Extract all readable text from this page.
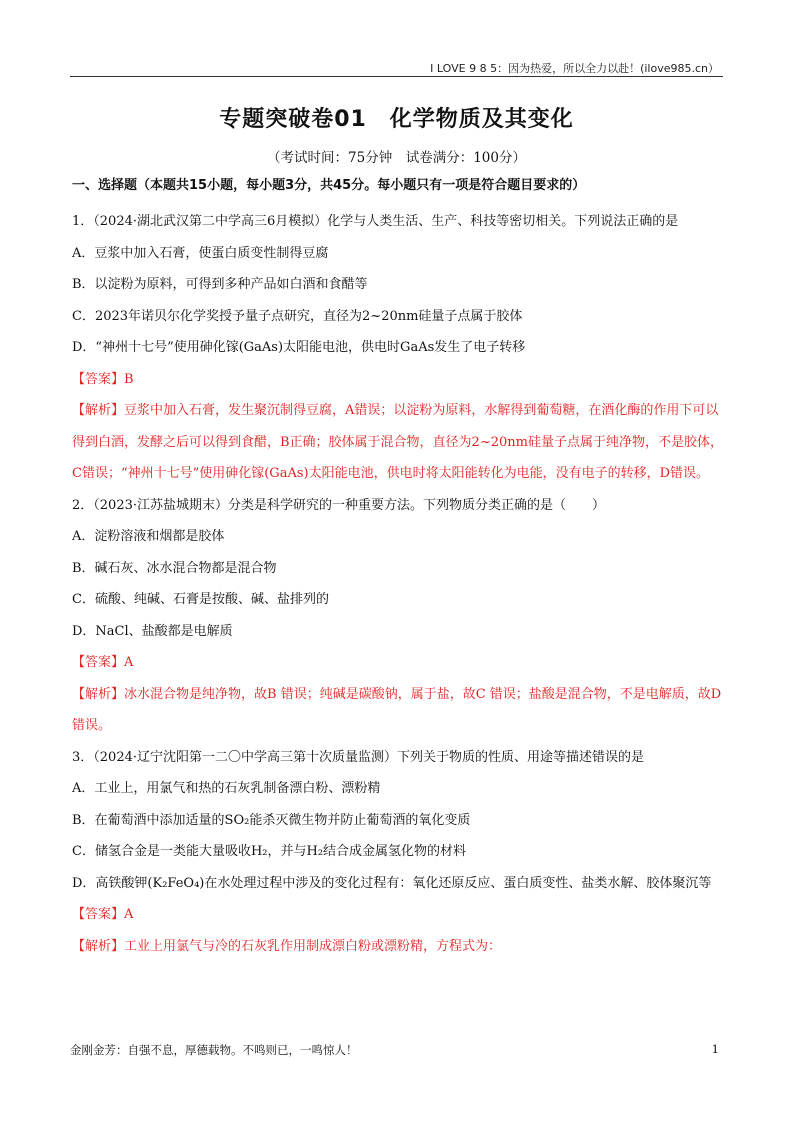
I LOVE 9 8 5：因为热爱，所以全力以赴！(ilove985.cn）
专题突破卷01　化学物质及其变化
（考试时间：75分钟　试卷满分：100分）
一、选择题（本题共15小题，每小题3分，共45分。每小题只有一项是符合题目要求的）
1．（2024·湖北武汉第二中学高三6月模拟）化学与人类生活、生产、科技等密切相关。下列说法正确的是
A．豆浆中加入石膏，使蛋白质变性制得豆腐
B．以淀粉为原料，可得到多种产品如白酒和食醋等
C．2023年诺贝尔化学奖授予量子点研究，直径为2~20nm硅量子点属于胶体
D．“神州十七号”使用砷化镓(GaAs)太阳能电池，供电时GaAs发生了电子转移
【答案】B
【解析】豆浆中加入石膏，发生聚沉制得豆腐，A错误；以淀粉为原料，水解得到葡萄糖，在酒化酶的作用下可以得到白酒，发酵之后可以得到食醋，B正确；胶体属于混合物，直径为2~20nm硅量子点属于纯净物，不是胶体，C错误；“神州十七号”使用砷化镓(GaAs)太阳能电池，供电时将太阳能转化为电能，没有电子的转移，D错误。
2．（2023·江苏盐城期末）分类是科学研究的一种重要方法。下列物质分类正确的是（　　）
A．淀粉溶液和烟都是胶体
B．碱石灰、冰水混合物都是混合物
C．硫酸、纯碱、石膏是按酸、碱、盐排列的
D．NaCl、盐酸都是电解质
【答案】A
【解析】冰水混合物是纯净物，故B 错误；纯碱是碳酸钠，属于盐，故C 错误；盐酸是混合物，不是电解质，故D 错误。
3．（2024·辽宁沈阳第一二〇中学高三第十次质量监测）下列关于物质的性质、用途等描述错误的是
A．工业上，用氯气和热的石灰乳制备漂白粉、漂粉精
B．在葡萄酒中添加适量的SO₂能杀灭微生物并防止葡萄酒的氧化变质
C．储氢合金是一类能大量吸收H₂，并与H₂结合成金属氢化物的材料
D．高铁酸钾(K₂FeO₄)在水处理过程中涉及的变化过程有：氧化还原反应、蛋白质变性、盐类水解、胶体聚沉等
【答案】A
【解析】工业上用氯气与冷的石灰乳作用制成漂白粉或漂粉精，方程式为：
金刚金芳：自强不息，厚德载物。不鸣则已，一鸣惊人！	1
